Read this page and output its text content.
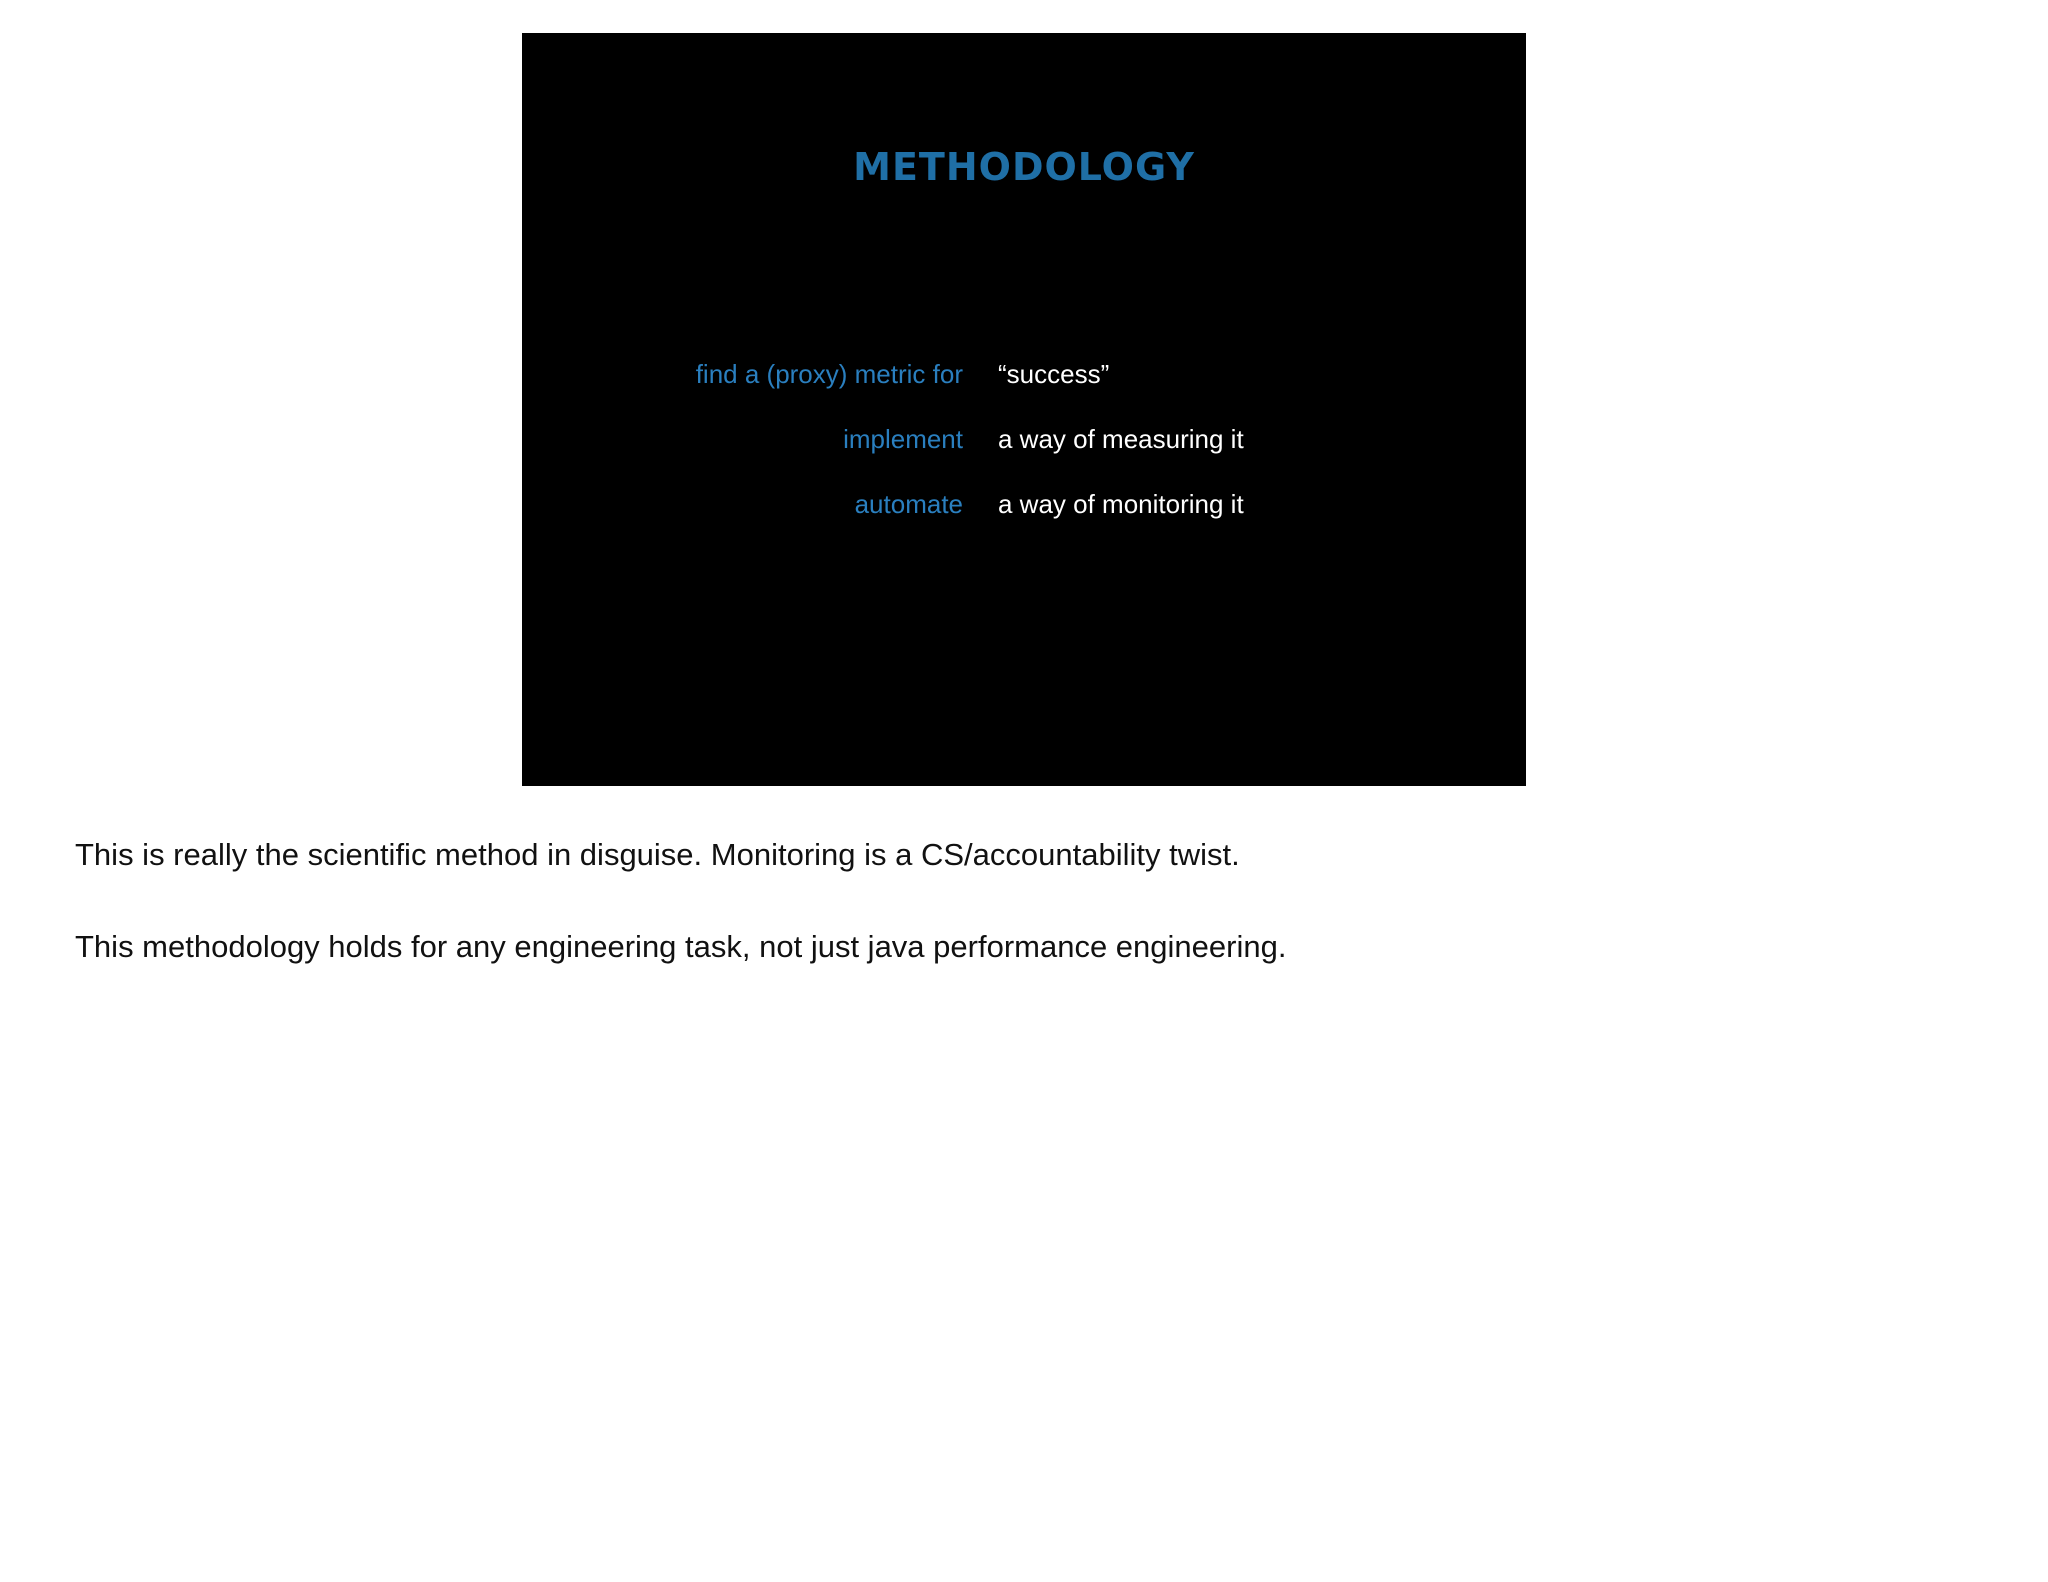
METHODOLOGY
find a (proxy) metric for “success”
implement a way of measuring it
automate a way of monitoring it

This is really the scientific method in disguise. Monitoring is a CS/accountability twist.

This methodology holds for any engineering task, not just java performance engineering.
